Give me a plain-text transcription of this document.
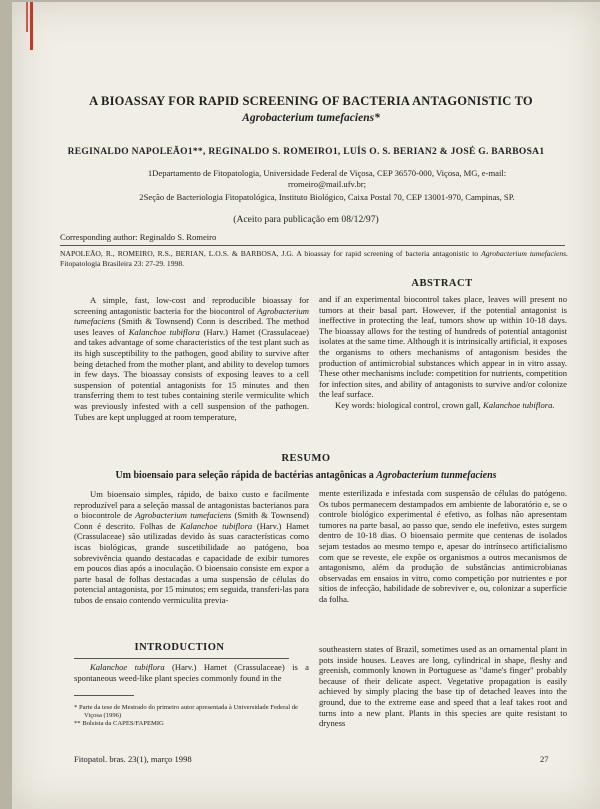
A BIOASSAY FOR RAPID SCREENING OF BACTERIA ANTAGONISTIC TO
Agrobacterium tumefaciens*
REGINALDO NAPOLEÃO1**, REGINALDO S. ROMEIRO1, LUÍS O. S. BERIAN2 & JOSÉ G. BARBOSA1
1Departamento de Fitopatologia, Universidade Federal de Viçosa, CEP 36570-000, Viçosa, MG, e-mail:
rromeiro@mail.ufv.br;
2Seção de Bacteriologia Fitopatológica, Instituto Biológico, Caixa Postal 70, CEP 13001-970, Campinas, SP.
(Aceito para publicação em 08/12/97)
Corresponding author: Reginaldo S. Romeiro
NAPOLEÃO, R., ROMEIRO, R.S., BERIAN, L.O.S. & BARBOSA, J.G. A bioassay for rapid screening of bacteria antagonistic to Agrobacterium tumefaciens. Fitopatologia Brasileira 23: 27-29. 1998.
ABSTRACT

A simple, fast, low-cost and reproducible bioassay for screening antagonistic bacteria for the biocontrol of Agrobacterium tumefaciens (Smith & Townsend) Conn is described. The method uses leaves of Kalanchoe tubiflora (Harv.) Hamet (Crassulaceae) and takes advantage of some characteristics of the test plant such as its high susceptibility to the pathogen, good ability to survive after being detached from the mother plant, and ability to develop tumors in few days. The bioassay consists of exposing leaves to a cell suspension of potential antagonists for 15 minutes and then transferring them to test tubes containing sterile vermiculite which was previously infested with a cell suspension of the pathogen. Tubes are kept unplugged at room temperature,

and if an experimental biocontrol takes place, leaves will present no tumors at their basal part. However, if the potential antagonist is ineffective in protecting the leaf, tumors show up within 10-18 days. The bioassay allows for the testing of hundreds of potential antagonist isolates at the same time. Although it is intrinsically artificial, it exposes the organisms to others mechanisms of antagonism besides the production of antimicrobial substances which appear in in vitro assay. These other mechanisms include: competition for nutrients, competition for infection sites, and ability of antagonists to survive and/or colonize the leaf surface.

Key words: biological control, crown gall, Kalanchoe tubiflora.

RESUMO
Um bioensaio para seleção rápida de bactérias antagônicas a Agrobacterium tunmefaciens

Um bioensaio simples, rápido, de baixo custo e facilmente reproduzível para a seleção massal de antagonistas bacterianos para o biocontrole de Agrobacterium tumefaciens (Smith & Townsend) Conn é descrito. Folhas de Kalanchoe tubiflora (Harv.) Hamet (Crassulaceae) são utilizadas devido às suas características como iscas biológicas, grande suscetibilidade ao patógeno, boa sobrevivência quando destacadas e capacidade de exibir tumores em poucos dias após a inoculação. O bioensaio consiste em expor a parte basal de folhas destacadas a uma suspensão de células do potencial antagonista, por 15 minutos; em seguida, transferi-las para tubos de ensaio contendo vermiculita previa-

mente esterilizada e infestada com suspensão de células do patógeno. Os tubos permanecem destampados em ambiente de laboratório e, se o controle biológico experimental é efetivo, as folhas não apresentam tumores na parte basal, ao passo que, sendo ele inefetivo, estes surgem dentro de 10-18 dias. O bioensaio permite que centenas de isolados sejam testados ao mesmo tempo e, apesar do intrínseco artificialismo com que se reveste, ele expõe os organismos a outros mecanismos de antagonismo, além da produção de substâncias antimicrobianas observadas em ensaios in vitro, como competição por nutrientes e por sítios de infecção, habilidade de sobreviver e, ou, colonizar a superfície da folha.

INTRODUCTION

Kalanchoe tubiflora (Harv.) Hamet (Crassulaceae) is a spontaneous weed-like plant species commonly found in the

* Parte da tese de Mestrado do primeiro autor apresentada à Universidade Federal de Viçosa (1996)
** Bolsista da CAPES/FAPEMIG

southeastern states of Brazil, sometimes used as an ornamental plant in pots inside houses. Leaves are long, cylindrical in shape, fleshy and greenish, commonly known in Portuguese as "dame's finger" probably because of their delicate aspect. Vegetative propagation is easily achieved by simply placing the base tip of detached leaves into the ground, due to the extreme ease and speed that a leaf takes root and turns into a new plant. Plants in this species are quite resistant to dryness

Fitopatol. bras. 23(1), março 1998	27
